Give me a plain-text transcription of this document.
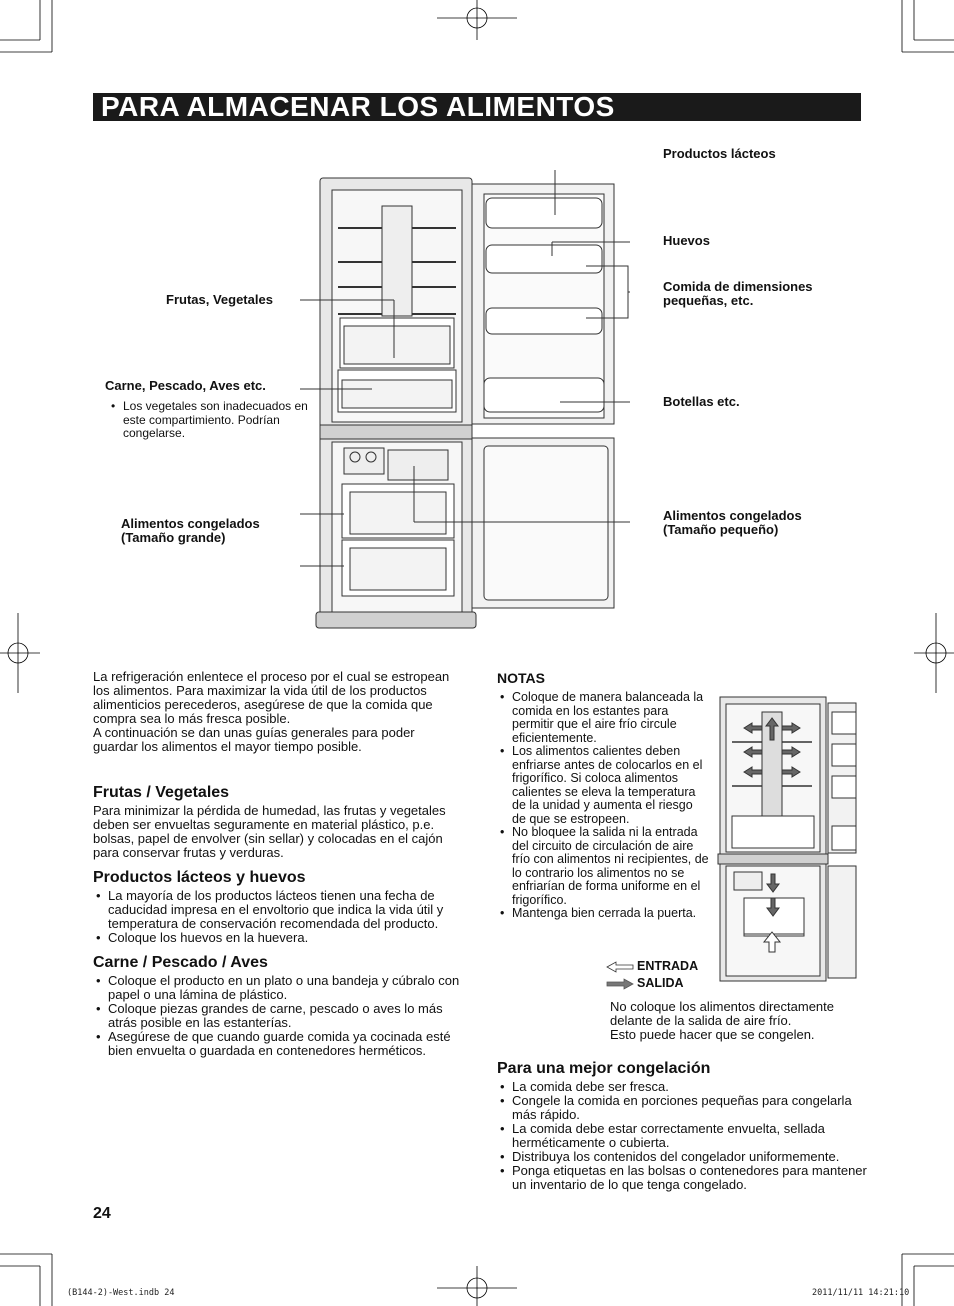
PARA ALMACENAR LOS ALIMENTOS
Productos lácteos
Huevos
Comida de dimensiones
pequeñas, etc.
Botellas etc.
Frutas, Vegetales
Carne, Pescado, Aves etc.
• Los vegetales son inadecuados en este compartimiento. Podrían congelarse.
Alimentos congelados
(Tamaño grande)
Alimentos congelados
(Tamaño pequeño)

La refrigeración enlentece el proceso por el cual se estropean los alimentos. Para maximizar la vida útil de los productos alimenticios perecederos, asegúrese de que la comida que compra sea lo más fresca posible.
A continuación se dan unas guías generales para poder guardar los alimentos el mayor tiempo posible.

Frutas / Vegetales

Para minimizar la pérdida de humedad, las frutas y vegetales deben ser envueltas seguramente en material plástico, p.e. bolsas, papel de envolver (sin sellar) y colocadas en el cajón para conservar frutas y verduras.

Productos lácteos y huevos
• La mayoría de los productos lácteos tienen una fecha de caducidad impresa en el envoltorio que indica la vida útil y temperatura de conservación recomendada del producto.
• Coloque los huevos en la huevera.
Carne / Pescado / Aves
• Coloque el producto en un plato o una bandeja y cúbralo con papel o una lámina de plástico.
• Coloque piezas grandes de carne, pescado o aves lo más atrás posible en las estanterías.
• Asegúrese de que cuando guarde comida ya cocinada esté bien envuelta o guardada en contenedores herméticos.
NOTAS
• Coloque de manera balanceada la comida en los estantes para permitir que el aire frío circule eficientemente.
• Los alimentos calientes deben enfriarse antes de colocarlos en el frigorífico. Si coloca alimentos calientes se eleva la temperatura de la unidad y aumenta el riesgo de que se estropeen.
• No bloquee la salida ni la entrada del circuito de circulación de aire frío con alimentos ni recipientes, de lo contrario los alimentos no se enfriarían de forma uniforme en el frigorífico.
• Mantenga bien cerrada la puerta.
ENTRADA
SALIDA

No coloque los alimentos directamente delante de la salida de aire frío.
Esto puede hacer que se congelen.

Para una mejor congelación
• La comida debe ser fresca.
• Congele la comida en porciones pequeñas para congelarla más rápido.
• La comida debe estar correctamente envuelta, sellada herméticamente o cubierta.
• Distribuya los contenidos del congelador uniformemente.
• Ponga etiquetas en las bolsas o contenedores para mantener un inventario de lo que tenga congelado.
24
(B144-2)-West.indb 24	2011/11/11 14:21:10
